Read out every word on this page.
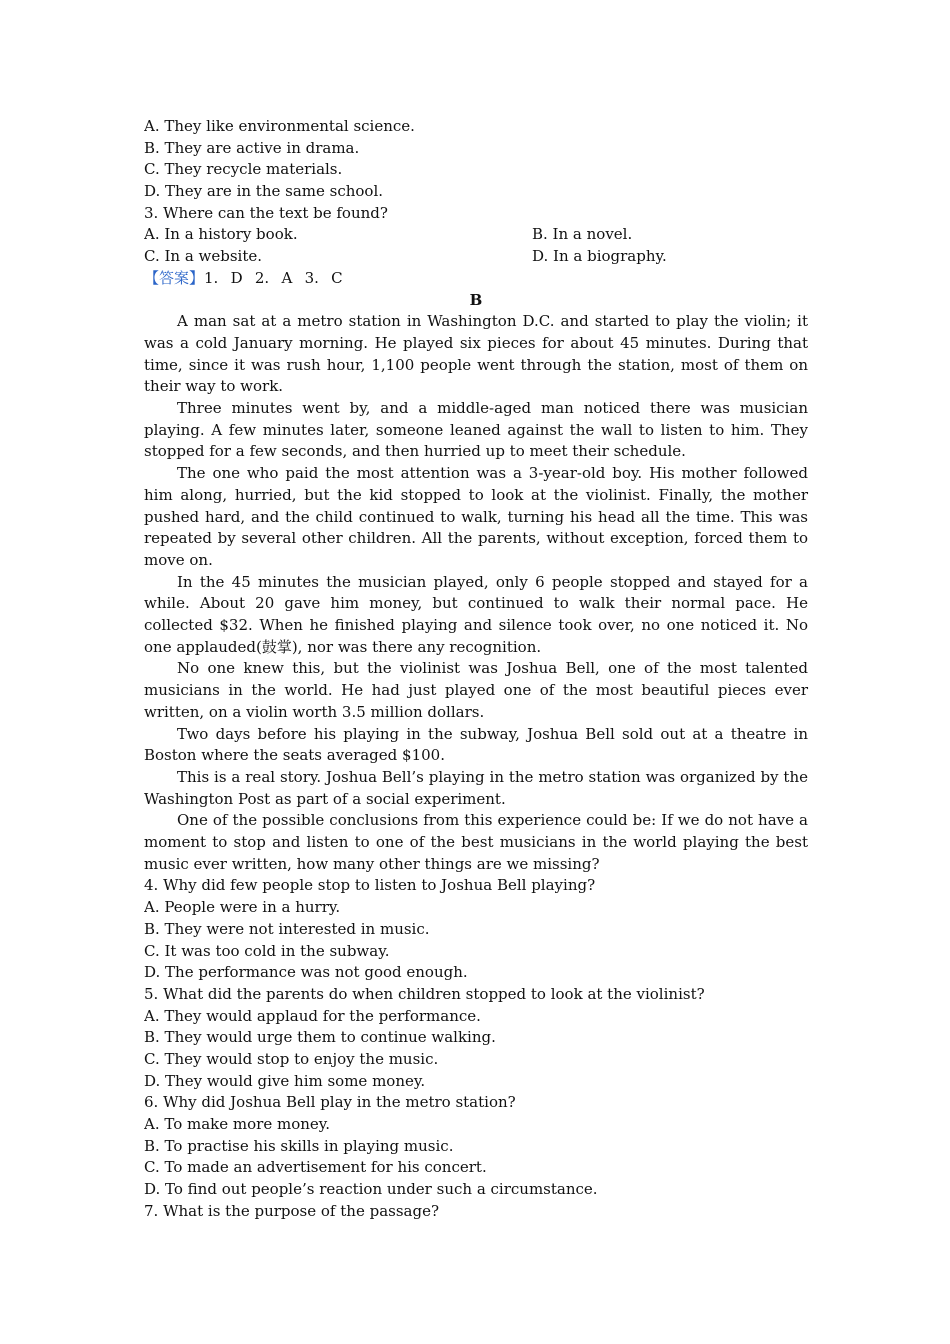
A. They like environmental science.
B. They are active in drama.
C. They recycle materials.
D. They are in the same school.
3. Where can the text be found?
A. In a history book.	B. In a novel.
C. In a website.	D. In a biography.
【答案】1. D 2. A 3. C
B

A man sat at a metro station in Washington D.C. and started to play the violin; it was a cold January morning. He played six pieces for about 45 minutes. During that time, since it was rush hour, 1,100 people went through the station, most of them on their way to work.

Three minutes went by, and a middle-aged man noticed there was musician playing. A few minutes later, someone leaned against the wall to listen to him. They stopped for a few seconds, and then hurried up to meet their schedule.

The one who paid the most attention was a 3-year-old boy. His mother followed him along, hurried, but the kid stopped to look at the violinist. Finally, the mother pushed hard, and the child continued to walk, turning his head all the time. This was repeated by several other children. All the parents, without exception, forced them to move on.

In the 45 minutes the musician played, only 6 people stopped and stayed for a while. About 20 gave him money, but continued to walk their normal pace. He collected $32. When he finished playing and silence took over, no one noticed it. No one applauded(鼓掌), nor was there any recognition.

No one knew this, but the violinist was Joshua Bell, one of the most talented musicians in the world. He had just played one of the most beautiful pieces ever written, on a violin worth 3.5 million dollars.

Two days before his playing in the subway, Joshua Bell sold out at a theatre in Boston where the seats averaged $100.

This is a real story. Joshua Bell’s playing in the metro station was organized by the Washington Post as part of a social experiment.

One of the possible conclusions from this experience could be: If we do not have a moment to stop and listen to one of the best musicians in the world playing the best music ever written, how many other things are we missing?

4. Why did few people stop to listen to Joshua Bell playing?
A. People were in a hurry.
B. They were not interested in music.
C. It was too cold in the subway.
D. The performance was not good enough.
5. What did the parents do when children stopped to look at the violinist?
A. They would applaud for the performance.
B. They would urge them to continue walking.
C. They would stop to enjoy the music.
D. They would give him some money.
6. Why did Joshua Bell play in the metro station?
A. To make more money.
B. To practise his skills in playing music.
C. To made an advertisement for his concert.
D. To find out people’s reaction under such a circumstance.
7. What is the purpose of the passage?
